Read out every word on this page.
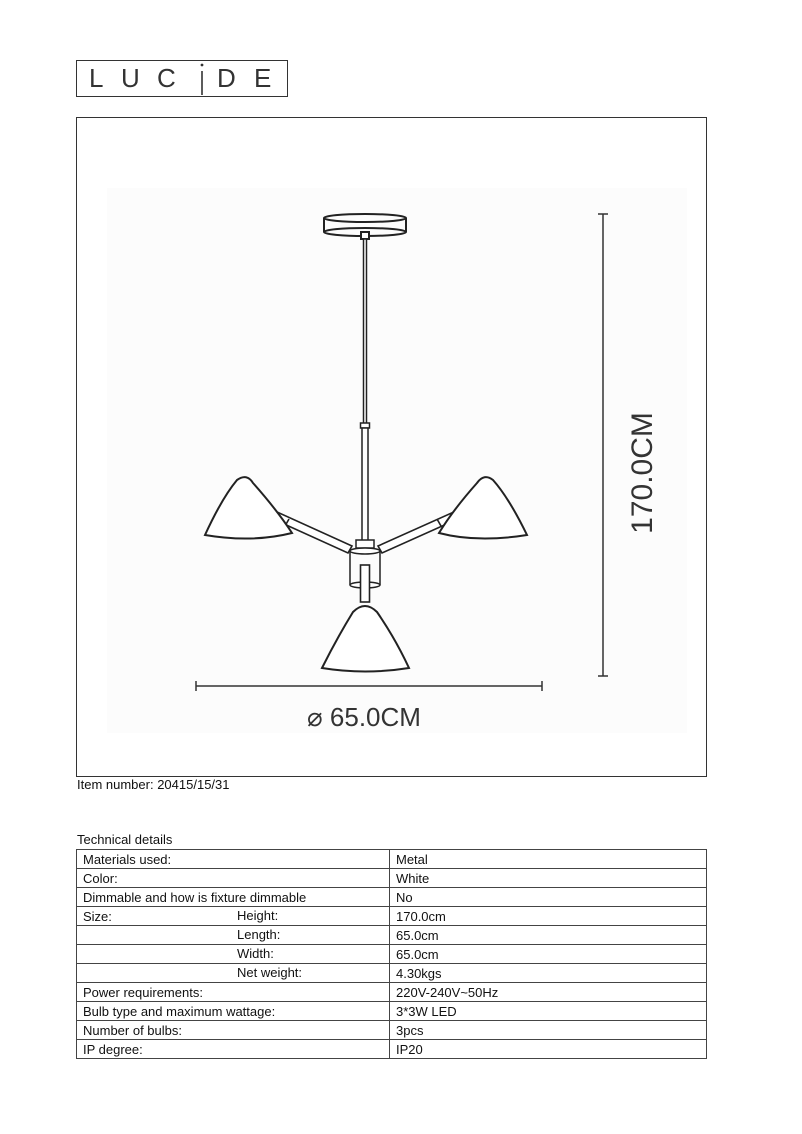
L U C D E
170.0CM
⌀ 65.0CM
Item number: 20415/15/31
Technical details
Materials used:	Metal
Color:	White
Dimmable and how is fixture dimmable	No
Size: Height:	170.0cm

Length:	65.0cm

Width:	65.0cm

Net weight:	4.30kgs
Power requirements:	220V-240V~50Hz
Bulb type and maximum wattage:	3*3W LED
Number of bulbs:	3pcs
IP degree:	IP20
